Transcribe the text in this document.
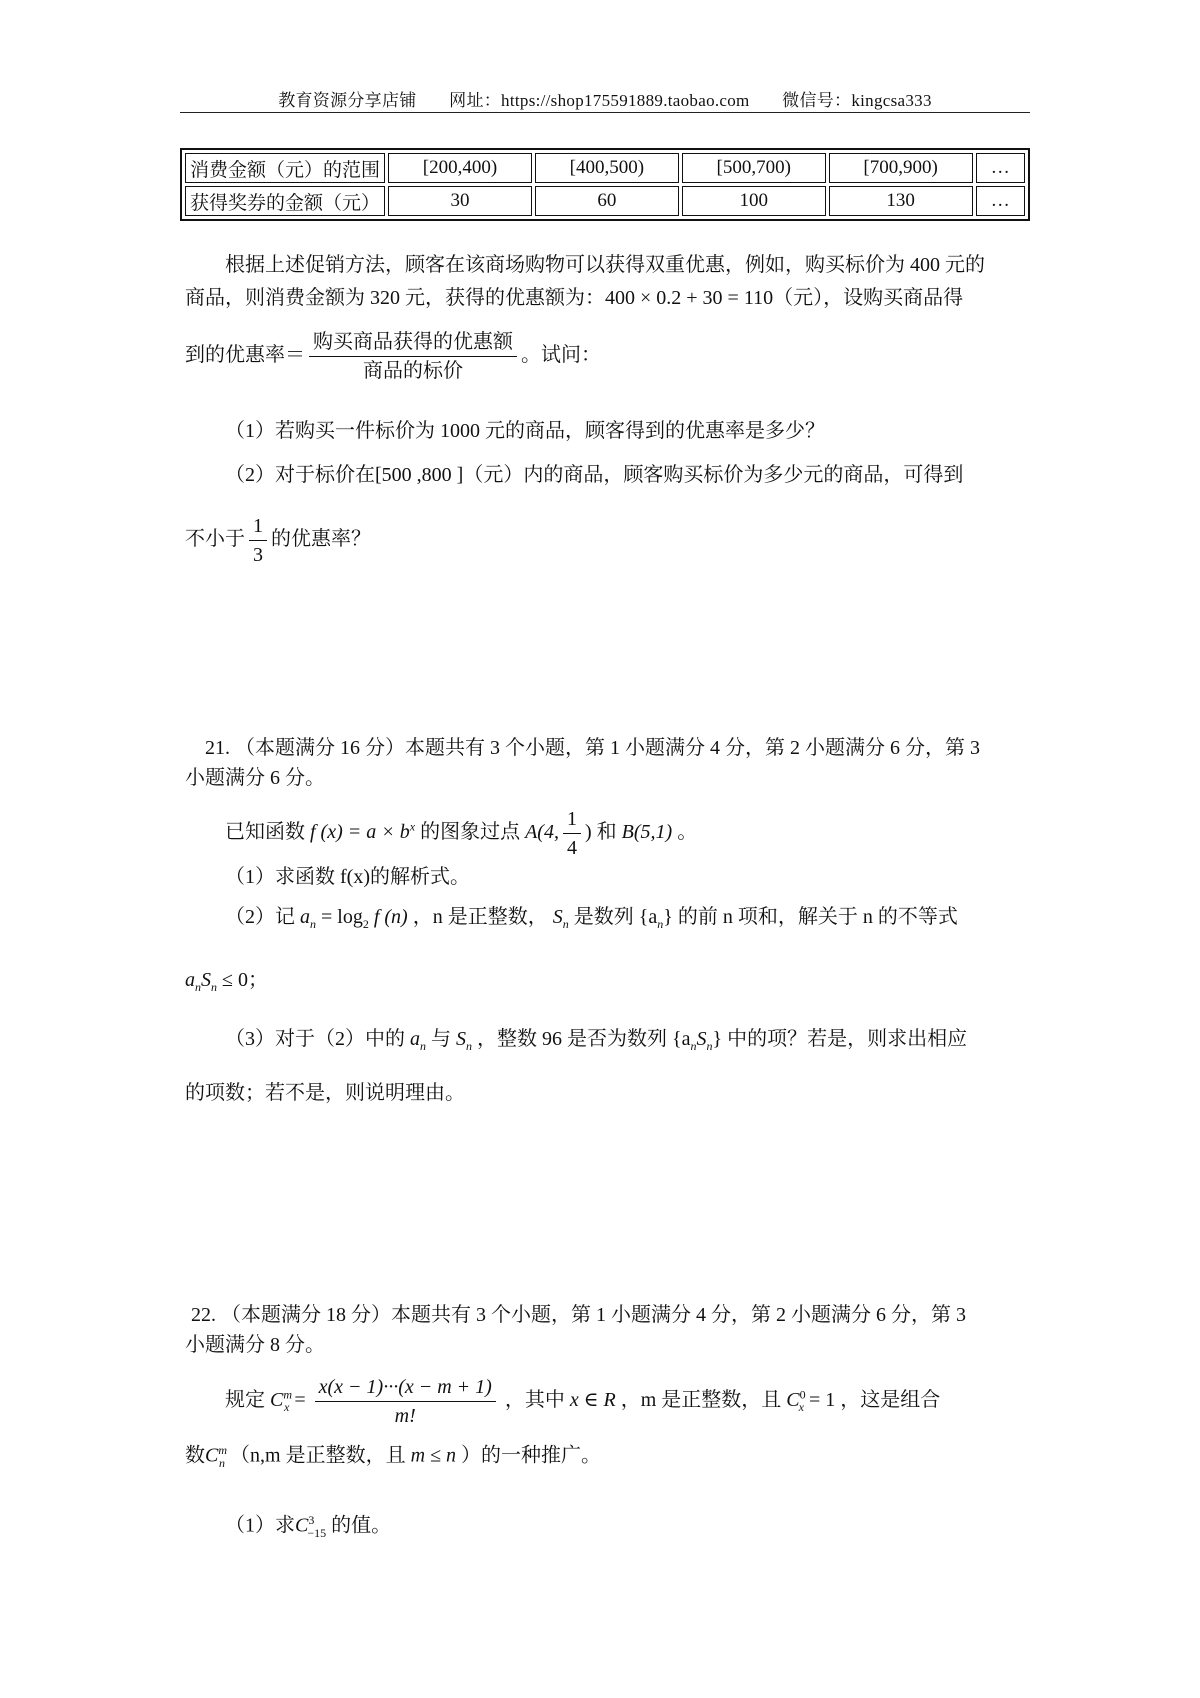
教育资源分享店铺 网址：https://shop175591889.taobao.com 微信号：kingcsa333
消费金额（元）的范围	[200,400)	[400,500)	[500,700)	[700,900)	…
获得奖券的金额（元）	30	60	100	130	…
根据上述促销方法，顾客在该商场购物可以获得双重优惠，例如，购买标价为 400 元的
商品，则消费金额为 320 元，获得的优惠额为：400 × 0.2 + 30 = 110（元），设购买商品得
到的优惠率＝ $\frac{\text{购买商品获得的优惠额}}{\text{商品的标价}}$ 。试问：
（1）若购买一件标价为 1000 元的商品，顾客得到的优惠率是多少？
（2）对于标价在[500 ,800 ]（元）内的商品，顾客购买标价为多少元的商品，可得到
不小于 $\frac{1}{3}$ 的优惠率？
21. （本题满分 16 分）本题共有 3 个小题，第 1 小题满分 4 分，第 2 小题满分 6 分，第 3
小题满分 6 分。
已知函数 f $(x) = a \times b^x$ 的图象过点 A(4, $\frac{1}{4}$ ) 和 B(5,1) 。
（1）求函数 f(x)的解析式。
（2）记 $a_n = \log_2 f$ (n) ，n 是正整数， $S_n$ 是数列 $\{a_n\}$ 的前 n 项和，解关于 n 的不等式
$a_nS_n \le 0$；
（3）对于（2）中的 $a_n$ 与 $S_n$ ，整数 96 是否为数列 $\{a_nS_n\}$ 中的项？若是，则求出相应
的项数；若不是，则说明理由。
22. （本题满分 18 分）本题共有 3 个小题，第 1 小题满分 4 分，第 2 小题满分 6 分，第 3
小题满分 8 分。
规定 $C^m_x = \frac{x(x - 1)\cdot\cdot\cdot(x - m + 1)}{m!}$ ，其中 x ∈ R ，m 是正整数，且 $C^0_x = 1$ ，这是组合
数$C^m_n$ （n,m 是正整数，且 m ≤ n ）的一种推广。
（1）求$C^3_{-15}$ 的值。
